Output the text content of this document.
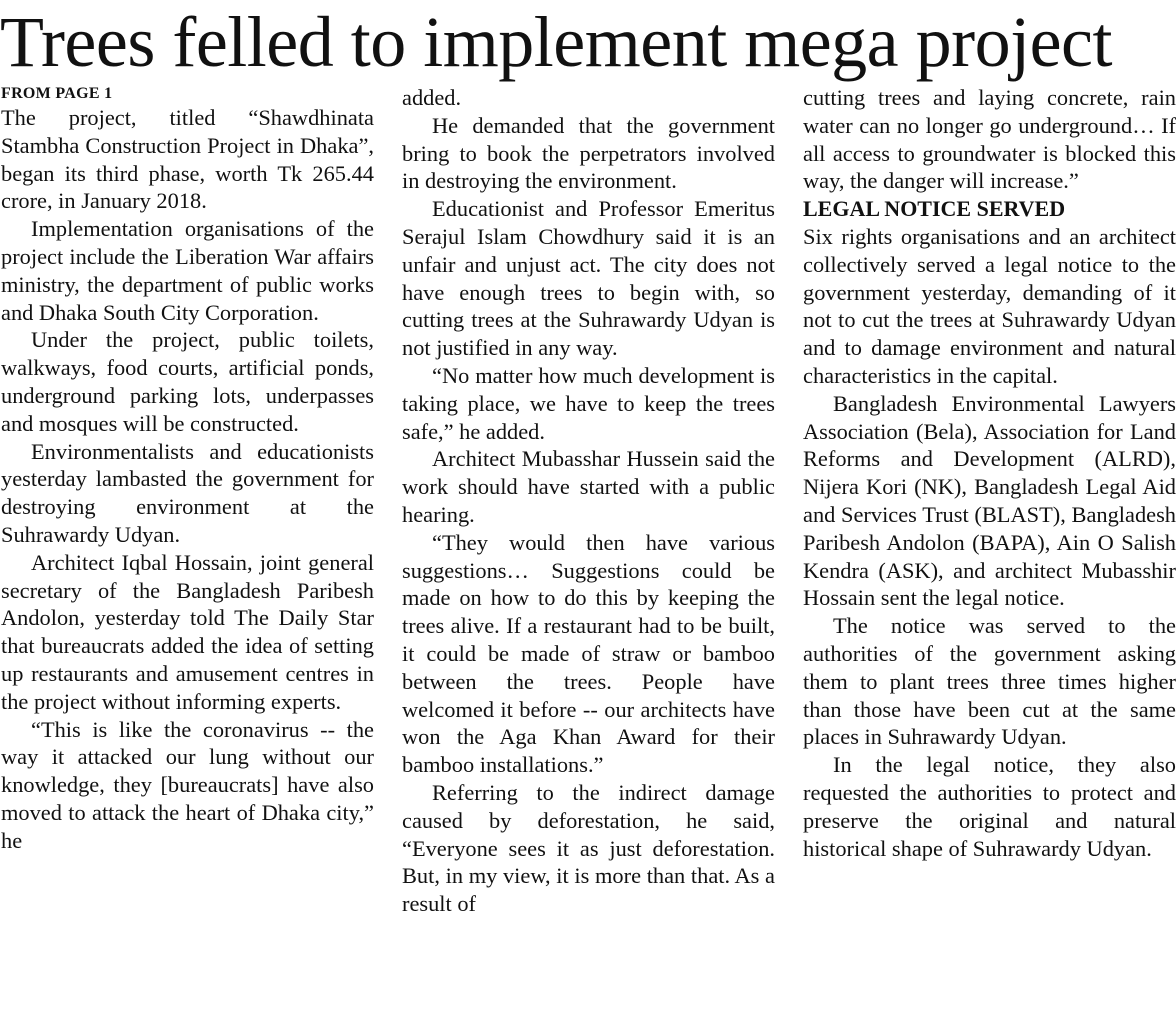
Trees felled to implement mega project
FROM PAGE 1

The project, titled “Shawdhinata Stambha Construction Project in Dhaka”, began its third phase, worth Tk 265.44 crore, in January 2018.

Implementation organisations of the project include the Liberation War affairs ministry, the department of public works and Dhaka South City Corporation.

Under the project, public toilets, walkways, food courts, artificial ponds, underground parking lots, underpasses and mosques will be constructed.

Environmentalists and educationists yesterday lambasted the government for destroying environment at the Suhrawardy Udyan.

Architect Iqbal Hossain, joint general secretary of the Bangladesh Paribesh Andolon, yesterday told The Daily Star that bureaucrats added the idea of setting up restaurants and amusement centres in the project without informing experts.

“This is like the coronavirus -- the way it attacked our lung without our knowledge, they [bureaucrats] have also moved to attack the heart of Dhaka city,” he

added.

He demanded that the government bring to book the perpetrators involved in destroying the environment.

Educationist and Professor Emeritus Serajul Islam Chowdhury said it is an unfair and unjust act. The city does not have enough trees to begin with, so cutting trees at the Suhrawardy Udyan is not justified in any way.

“No matter how much development is taking place, we have to keep the trees safe,” he added.

Architect Mubasshar Hussein said the work should have started with a public hearing.

“They would then have various suggestions… Suggestions could be made on how to do this by keeping the trees alive. If a restaurant had to be built, it could be made of straw or bamboo between the trees. People have welcomed it before -- our architects have won the Aga Khan Award for their bamboo installations.”

Referring to the indirect damage caused by deforestation, he said, “Everyone sees it as just deforestation. But, in my view, it is more than that. As a result of

cutting trees and laying concrete, rain water can no longer go underground… If all access to groundwater is blocked this way, the danger will increase.”

LEGAL NOTICE SERVED

Six rights organisations and an architect collectively served a legal notice to the government yesterday, demanding of it not to cut the trees at Suhrawardy Udyan and to damage environment and natural characteristics in the capital.

Bangladesh Environmental Lawyers Association (Bela), Association for Land Reforms and Development (ALRD), Nijera Kori (NK), Bangladesh Legal Aid and Services Trust (BLAST), Bangladesh Paribesh Andolon (BAPA), Ain O Salish Kendra (ASK), and architect Mubasshir Hossain sent the legal notice.

The notice was served to the authorities of the government asking them to plant trees three times higher than those have been cut at the same places in Suhrawardy Udyan.

In the legal notice, they also requested the authorities to protect and preserve the original and natural historical shape of Suhrawardy Udyan.
